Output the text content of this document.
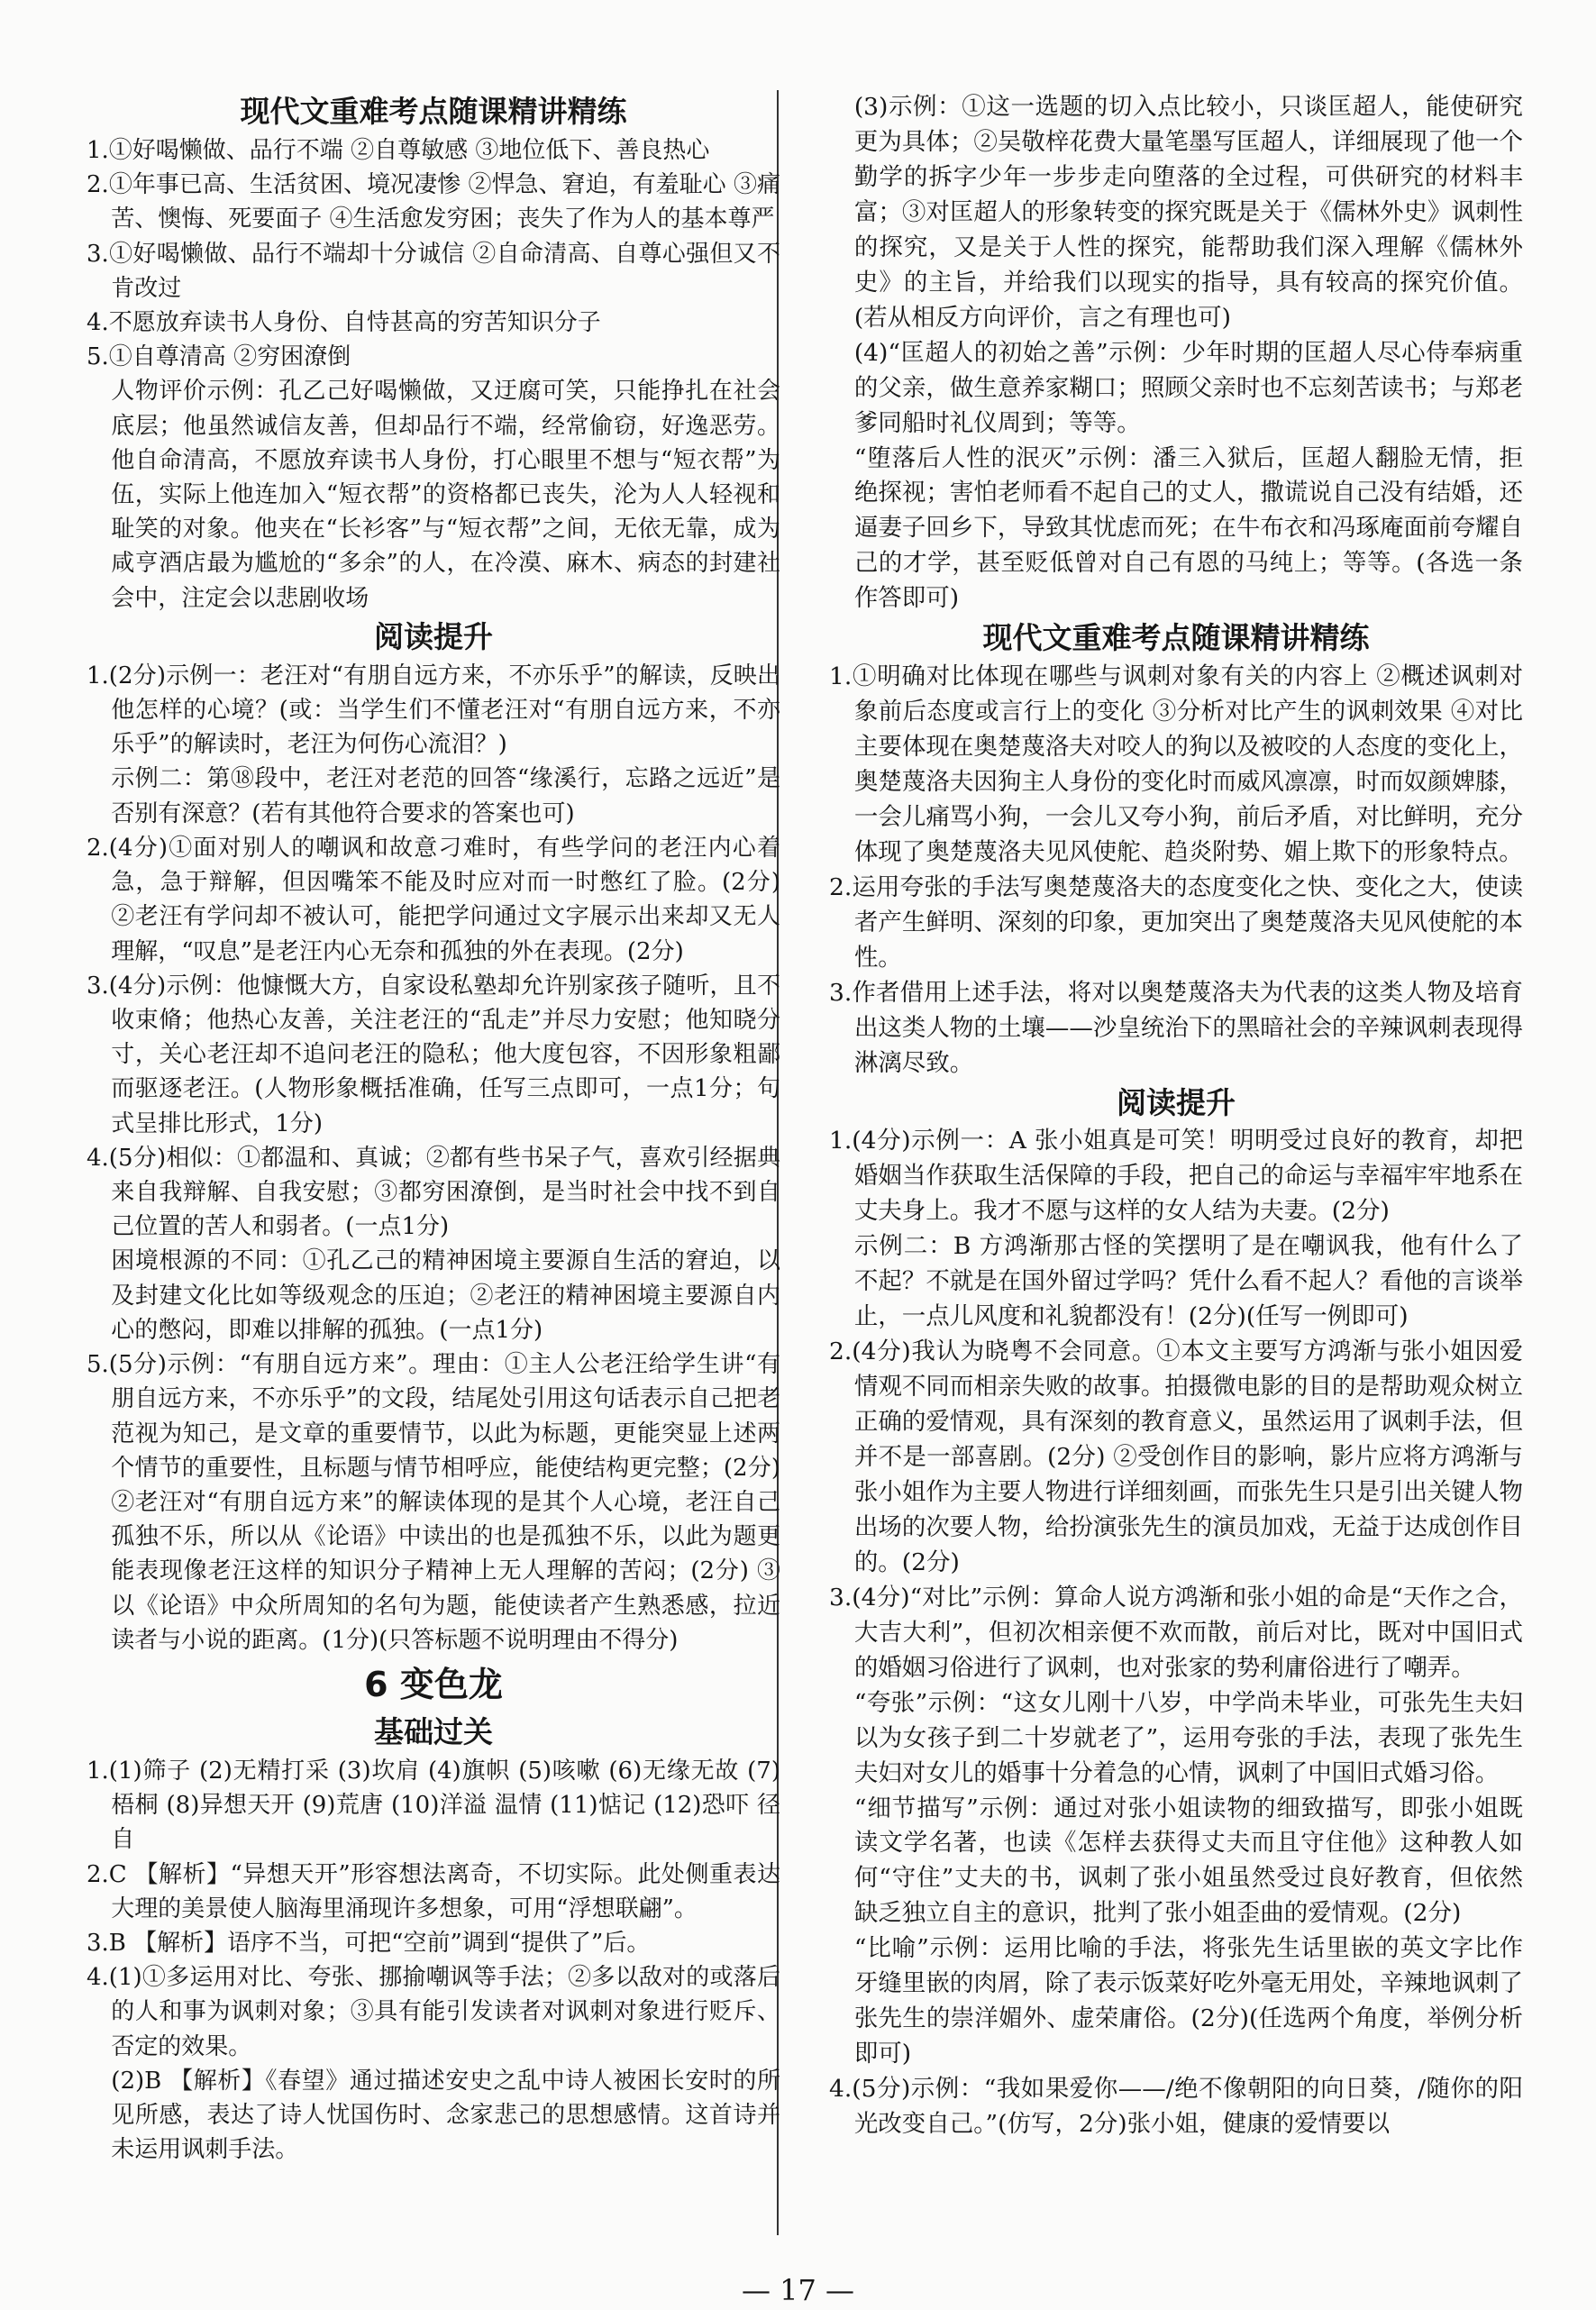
现代文重难考点随课精讲精练
1.①好喝懒做、品行不端 ②自尊敏感 ③地位低下、善良热心
2.①年事已高、生活贫困、境况凄惨 ②悍急、窘迫，有羞耻心 ③痛苦、懊悔、死要面子 ④生活愈发穷困；丧失了作为人的基本尊严
3.①好喝懒做、品行不端却十分诚信 ②自命清高、自尊心强但又不肯改过
4.不愿放弃读书人身份、自恃甚高的穷苦知识分子
5.①自尊清高 ②穷困潦倒
人物评价示例：孔乙己好喝懒做，又迂腐可笑，只能挣扎在社会底层；他虽然诚信友善，但却品行不端，经常偷窃，好逸恶劳。他自命清高，不愿放弃读书人身份，打心眼里不想与“短衣帮”为伍，实际上他连加入“短衣帮”的资格都已丧失，沦为人人轻视和耻笑的对象。他夹在“长衫客”与“短衣帮”之间，无依无靠，成为咸亨酒店最为尴尬的“多余”的人，在冷漠、麻木、病态的封建社会中，注定会以悲剧收场
阅读提升
1.(2分)示例一：老汪对“有朋自远方来，不亦乐乎”的解读，反映出他怎样的心境？(或：当学生们不懂老汪对“有朋自远方来，不亦乐乎”的解读时，老汪为何伤心流泪？)
示例二：第⑱段中，老汪对老范的回答“缘溪行，忘路之远近”是否别有深意？(若有其他符合要求的答案也可)
2.(4分)①面对别人的嘲讽和故意刁难时，有些学问的老汪内心着急，急于辩解，但因嘴笨不能及时应对而一时憋红了脸。(2分) ②老汪有学问却不被认可，能把学问通过文字展示出来却又无人理解，“叹息”是老汪内心无奈和孤独的外在表现。(2分)
3.(4分)示例：他慷慨大方，自家设私塾却允许别家孩子随听，且不收束脩；他热心友善，关注老汪的“乱走”并尽力安慰；他知晓分寸，关心老汪却不追问老汪的隐私；他大度包容，不因形象粗鄙而驱逐老汪。(人物形象概括准确，任写三点即可，一点1分；句式呈排比形式，1分)
4.(5分)相似：①都温和、真诚；②都有些书呆子气，喜欢引经据典来自我辩解、自我安慰；③都穷困潦倒，是当时社会中找不到自己位置的苦人和弱者。(一点1分)
困境根源的不同：①孔乙己的精神困境主要源自生活的窘迫，以及封建文化比如等级观念的压迫；②老汪的精神困境主要源自内心的憋闷，即难以排解的孤独。(一点1分)
5.(5分)示例：“有朋自远方来”。理由：①主人公老汪给学生讲“有朋自远方来，不亦乐乎”的文段，结尾处引用这句话表示自己把老范视为知己，是文章的重要情节，以此为标题，更能突显上述两个情节的重要性，且标题与情节相呼应，能使结构更完整；(2分) ②老汪对“有朋自远方来”的解读体现的是其个人心境，老汪自己孤独不乐，所以从《论语》中读出的也是孤独不乐，以此为题更能表现像老汪这样的知识分子精神上无人理解的苦闷；(2分) ③以《论语》中众所周知的名句为题，能使读者产生熟悉感，拉近读者与小说的距离。(1分)(只答标题不说明理由不得分)
6 变色龙
基础过关
1.(1)筛子 (2)无精打采 (3)坎肩 (4)旗帜 (5)咳嗽 (6)无缘无故 (7)梧桐 (8)异想天开 (9)荒唐 (10)洋溢 温情 (11)惦记 (12)恐吓 径自
2.C 【解析】“异想天开”形容想法离奇，不切实际。此处侧重表达大理的美景使人脑海里涌现许多想象，可用“浮想联翩”。
3.B 【解析】语序不当，可把“空前”调到“提供了”后。
4.(1)①多运用对比、夸张、挪揄嘲讽等手法；②多以敌对的或落后的人和事为讽刺对象；③具有能引发读者对讽刺对象进行贬斥、否定的效果。
(2)B 【解析】《春望》通过描述安史之乱中诗人被困长安时的所见所感，表达了诗人忧国伤时、念家悲己的思想感情。这首诗并未运用讽刺手法。
(3)示例：①这一选题的切入点比较小，只谈匡超人，能使研究更为具体；②吴敬梓花费大量笔墨写匡超人，详细展现了他一个勤学的拆字少年一步步走向堕落的全过程，可供研究的材料丰富；③对匡超人的形象转变的探究既是关于《儒林外史》讽刺性的探究，又是关于人性的探究，能帮助我们深入理解《儒林外史》的主旨，并给我们以现实的指导，具有较高的探究价值。(若从相反方向评价，言之有理也可)
(4)“匡超人的初始之善”示例：少年时期的匡超人尽心侍奉病重的父亲，做生意养家糊口；照顾父亲时也不忘刻苦读书；与郑老爹同船时礼仪周到；等等。
“堕落后人性的泯灭”示例：潘三入狱后，匡超人翻脸无情，拒绝探视；害怕老师看不起自己的丈人，撒谎说自己没有结婚，还逼妻子回乡下，导致其忧虑而死；在牛布衣和冯琢庵面前夸耀自己的才学，甚至贬低曾对自己有恩的马纯上；等等。(各选一条作答即可)
现代文重难考点随课精讲精练
1.①明确对比体现在哪些与讽刺对象有关的内容上 ②概述讽刺对象前后态度或言行上的变化 ③分析对比产生的讽刺效果 ④对比主要体现在奥楚蔑洛夫对咬人的狗以及被咬的人态度的变化上，奥楚蔑洛夫因狗主人身份的变化时而威风凛凛，时而奴颜婢膝，一会儿痛骂小狗，一会儿又夸小狗，前后矛盾，对比鲜明，充分体现了奥楚蔑洛夫见风使舵、趋炎附势、媚上欺下的形象特点。
2.运用夸张的手法写奥楚蔑洛夫的态度变化之快、变化之大，使读者产生鲜明、深刻的印象，更加突出了奥楚蔑洛夫见风使舵的本性。
3.作者借用上述手法，将对以奥楚蔑洛夫为代表的这类人物及培育出这类人物的土壤——沙皇统治下的黑暗社会的辛辣讽刺表现得淋漓尽致。
阅读提升
1.(4分)示例一：A 张小姐真是可笑！明明受过良好的教育，却把婚姻当作获取生活保障的手段，把自己的命运与幸福牢牢地系在丈夫身上。我才不愿与这样的女人结为夫妻。(2分)
示例二：B 方鸿渐那古怪的笑摆明了是在嘲讽我，他有什么了不起？不就是在国外留过学吗？凭什么看不起人？看他的言谈举止，一点儿风度和礼貌都没有！(2分)(任写一例即可)
2.(4分)我认为晓粤不会同意。①本文主要写方鸿渐与张小姐因爱情观不同而相亲失败的故事。拍摄微电影的目的是帮助观众树立正确的爱情观，具有深刻的教育意义，虽然运用了讽刺手法，但并不是一部喜剧。(2分) ②受创作目的影响，影片应将方鸿渐与张小姐作为主要人物进行详细刻画，而张先生只是引出关键人物出场的次要人物，给扮演张先生的演员加戏，无益于达成创作目的。(2分)
3.(4分)“对比”示例：算命人说方鸿渐和张小姐的命是“天作之合，大吉大利”，但初次相亲便不欢而散，前后对比，既对中国旧式的婚姻习俗进行了讽刺，也对张家的势利庸俗进行了嘲弄。
“夸张”示例：“这女儿刚十八岁，中学尚未毕业，可张先生夫妇以为女孩子到二十岁就老了”，运用夸张的手法，表现了张先生夫妇对女儿的婚事十分着急的心情，讽刺了中国旧式婚习俗。
“细节描写”示例：通过对张小姐读物的细致描写，即张小姐既读文学名著，也读《怎样去获得丈夫而且守住他》这种教人如何“守住”丈夫的书，讽刺了张小姐虽然受过良好教育，但依然缺乏独立自主的意识，批判了张小姐歪曲的爱情观。(2分)
“比喻”示例：运用比喻的手法，将张先生话里嵌的英文字比作牙缝里嵌的肉屑，除了表示饭菜好吃外毫无用处，辛辣地讽刺了张先生的崇洋媚外、虚荣庸俗。(2分)(任选两个角度，举例分析即可)
4.(5分)示例：“我如果爱你——/绝不像朝阳的向日葵，/随你的阳光改变自己。”(仿写，2分)张小姐，健康的爱情要以
— 17 —
